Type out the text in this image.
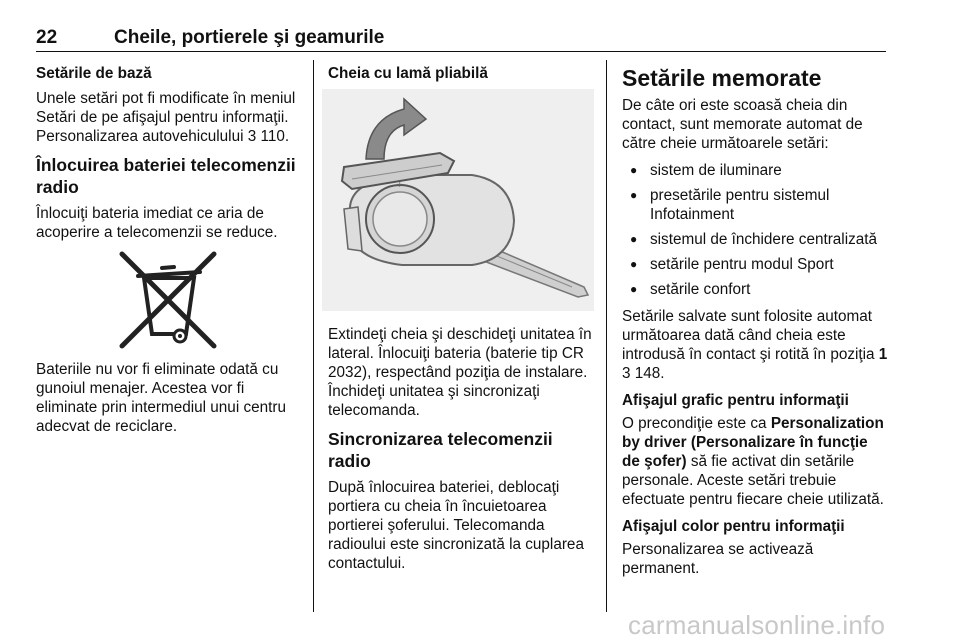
22	Cheile, portierele şi geamurile
Setările de bază

Unele setări pot fi modificate în meniul Setări de pe afişajul pentru informaţii. Personalizarea autovehiculului 3 110.

Înlocuirea bateriei telecomenzii radio

Înlocuiţi bateria imediat ce aria de acoperire a telecomenzii se reduce.

Bateriile nu vor fi eliminate odată cu gunoiul menajer. Acestea vor fi eliminate prin intermediul unui centru adecvat de reciclare.

Cheia cu lamă pliabilă
+

Extindeţi cheia şi deschideţi unitatea în lateral. Înlocuiţi bateria (baterie tip CR 2032), respectând poziţia de instalare. Închideţi unitatea şi sincronizaţi telecomanda.

Sincronizarea telecomenzii radio

După înlocuirea bateriei, deblocaţi portiera cu cheia în încuietoarea portierei şoferului. Telecomanda radioului este sincronizată la cuplarea contactului.

Setările memorate

De câte ori este scoasă cheia din contact, sunt memorate automat de către cheie următoarele setări:

● sistem de iluminare
● presetările pentru sistemul Infotainment
● sistemul de închidere centralizată
● setările pentru modul Sport
● setările confort

Setările salvate sunt folosite automat următoarea dată când cheia este introdusă în contact şi rotită în poziţia 1 3 148.

Afişajul grafic pentru informaţii

O precondiţie este ca Personalization by driver (Personalizare în funcţie de şofer) să fie activat din setările personale. Aceste setări trebuie efectuate pentru fiecare cheie utilizată.

Afişajul color pentru informaţii

Personalizarea se activează permanent.

carmanualsonline.info
